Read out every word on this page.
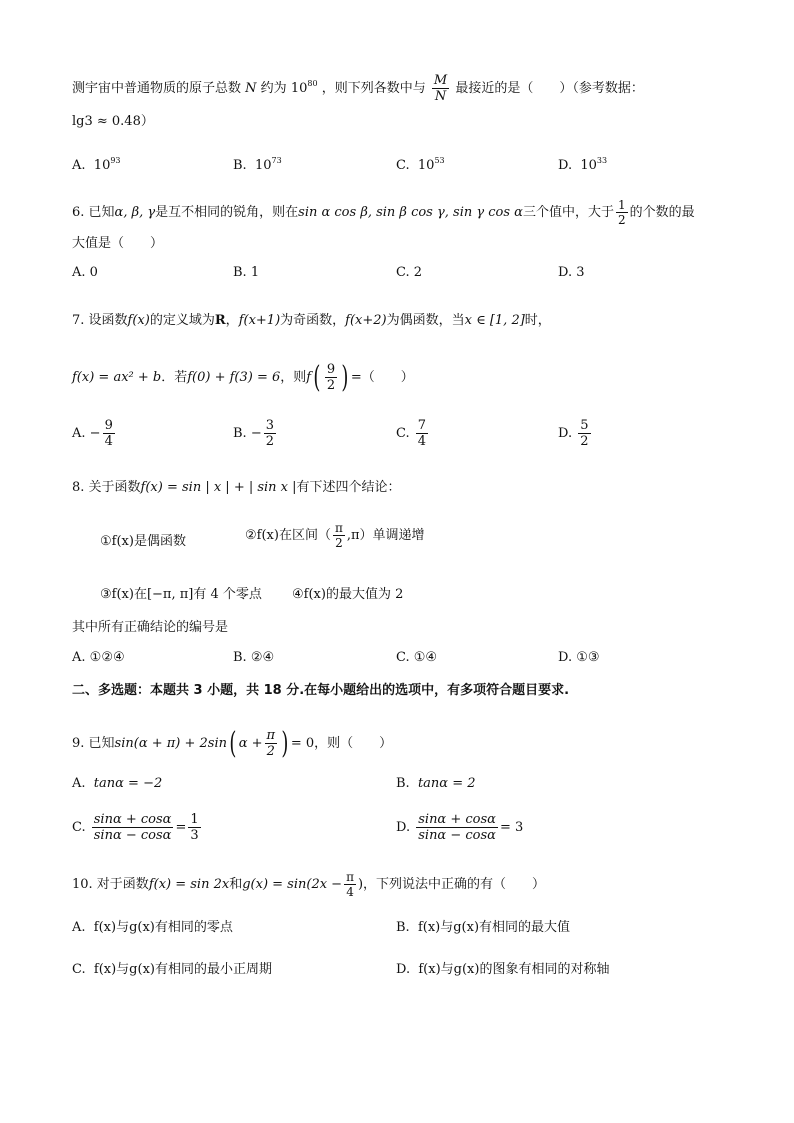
测宇宙中普通物质的原子总数 N 约为 $10^{80}$ ，则下列各数中与 $\frac{M}{N}$ 最接近的是（　　）（参考数据：
lg3 ≈ 0.48）
A. $10^{93}$	B. $10^{73}$	C. $10^{53}$	D. $10^{33}$
6. 已知α, β, γ是互不相同的锐角，则在sin α cos β, sin β cos γ, sin γ cos α三个值中，大于 $\frac{1}{2}$ 的个数的最
大值是（　　）
A. 0	B. 1	C. 2	D. 3
7. 设函数f(x)的定义域为R，f(x+1)为奇函数，f(x+2)为偶函数，当x ∈ [1, 2]时，
f(x) = ax² + b．若f(0) + f(3) = 6，则$f( \frac{9}{2}$ ) =（　　）
A. − $\frac{9}{4}$	B. − $\frac{3}{2}$	C. $\frac{7}{4}$	D. $\frac{5}{2}$
8. 关于函数f(x) = sin | x | + | sin x |有下述四个结论：
①f(x)是偶函数	②f(x)在区间（ $\frac{\pi}{2} ,\pi$）单调递增
③f(x)在[−π, π]有 4 个零点 ④f(x)的最大值为 2
其中所有正确结论的编号是
A. ①②④	B. ②④	C. ①④	D. ①③
二、多选题：本题共 3 小题，共 18 分.在每小题给出的选项中，有多项符合题目要求.
9. 已知sin(α + π) + 2sin( $\alpha + \frac{\pi}{2}$ ) = 0，则（　　）
A. tanα = −2	B. tanα = 2
C. $\frac{\sin\alpha + \cos\alpha}{\sin\alpha - \cos\alpha} = \frac{1}{3}$	D. $\frac{\sin\alpha + \cos\alpha}{\sin\alpha - \cos\alpha} = 3$
10. 对于函数f(x) = sin 2x和$g(x) = \sin(2x - \frac{\pi}{4}$ )，下列说法中正确的有（　　）
A. f(x)与g(x)有相同的零点	B. f(x)与g(x)有相同的最大值
C. f(x)与g(x)有相同的最小正周期	D. f(x)与g(x)的图象有相同的对称轴
